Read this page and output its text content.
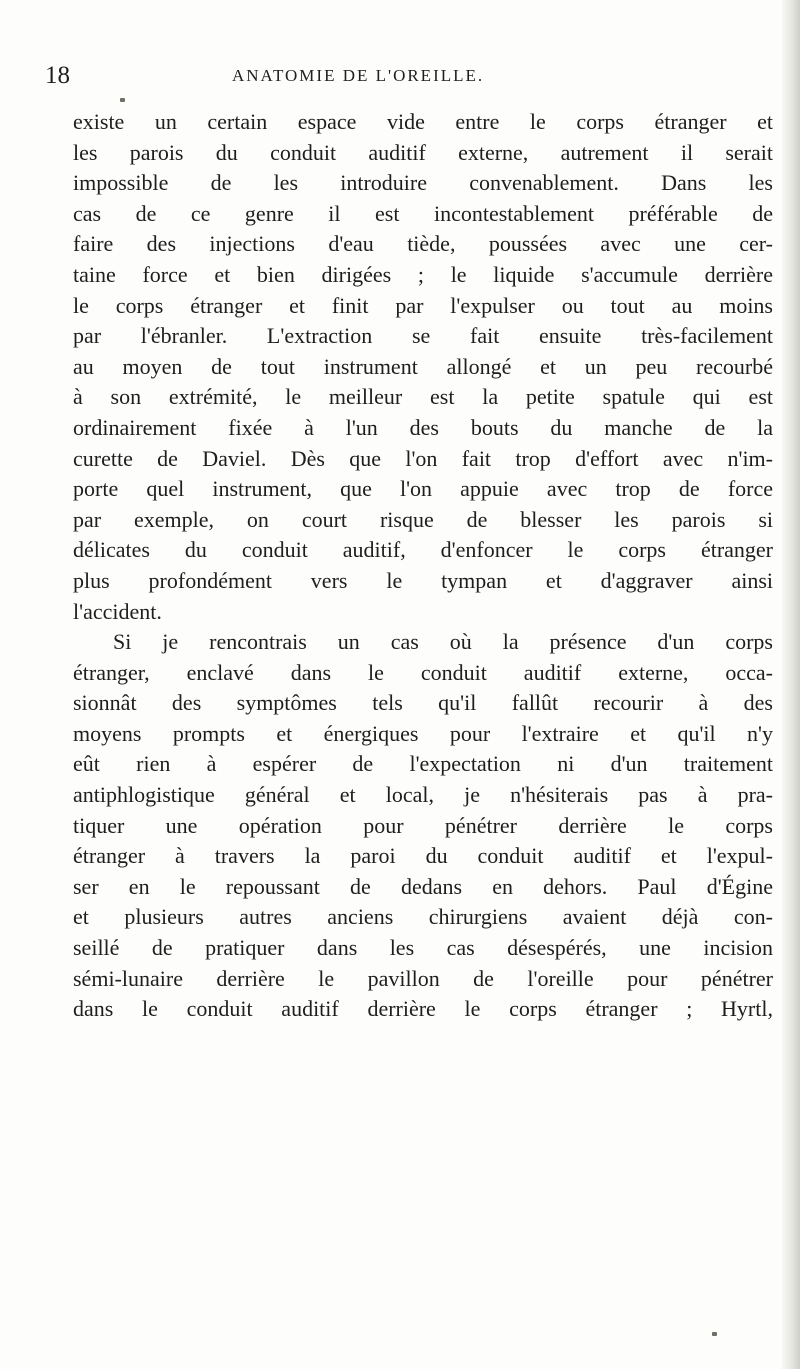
18	ANATOMIE DE L'OREILLE.
existe un certain espace vide entre le corps étranger et
les parois du conduit auditif externe, autrement il serait
impossible de les introduire convenablement. Dans les
cas de ce genre il est incontestablement préférable de
faire des injections d'eau tiède, poussées avec une cer-
taine force et bien dirigées ; le liquide s'accumule derrière
le corps étranger et finit par l'expulser ou tout au moins
par l'ébranler. L'extraction se fait ensuite très-facilement
au moyen de tout instrument allongé et un peu recourbé
à son extrémité, le meilleur est la petite spatule qui est
ordinairement fixée à l'un des bouts du manche de la
curette de Daviel. Dès que l'on fait trop d'effort avec n'im-
porte quel instrument, que l'on appuie avec trop de force
par exemple, on court risque de blesser les parois si
délicates du conduit auditif, d'enfoncer le corps étranger
plus profondément vers le tympan et d'aggraver ainsi
l'accident.
Si je rencontrais un cas où la présence d'un corps
étranger, enclavé dans le conduit auditif externe, occa-
sionnât des symptômes tels qu'il fallût recourir à des
moyens prompts et énergiques pour l'extraire et qu'il n'y
eût rien à espérer de l'expectation ni d'un traitement
antiphlogistique général et local, je n'hésiterais pas à pra-
tiquer une opération pour pénétrer derrière le corps
étranger à travers la paroi du conduit auditif et l'expul-
ser en le repoussant de dedans en dehors. Paul d'Égine
et plusieurs autres anciens chirurgiens avaient déjà con-
seillé de pratiquer dans les cas désespérés, une incision
sémi-lunaire derrière le pavillon de l'oreille pour pénétrer
dans le conduit auditif derrière le corps étranger ; Hyrtl,
